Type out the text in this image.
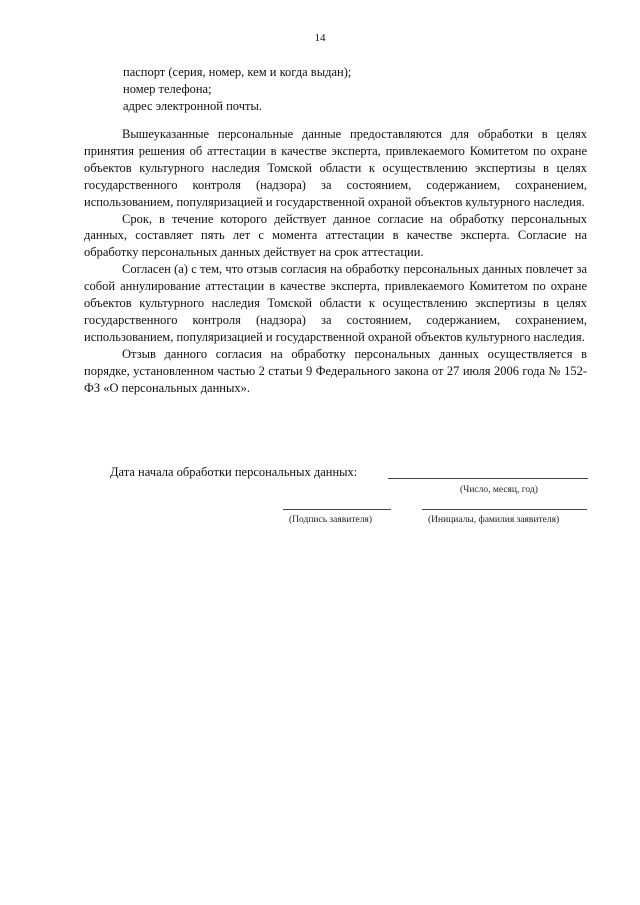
14
паспорт (серия, номер, кем и когда выдан);
номер телефона;
адрес электронной почты.

Вышеуказанные персональные данные предоставляются для обработки в целях принятия решения об аттестации в качестве эксперта, привлекаемого Комитетом по охране объектов культурного наследия Томской области к осуществлению экспертизы в целях государственного контроля (надзора) за состоянием, содержанием, сохранением, использованием, популяризацией и государственной охраной объектов культурного наследия.

Срок, в течение которого действует данное согласие на обработку персональных данных, составляет пять лет с момента аттестации в качестве эксперта. Согласие на обработку персональных данных действует на срок аттестации.

Согласен (а) с тем, что отзыв согласия на обработку персональных данных повлечет за собой аннулирование аттестации в качестве эксперта, привлекаемого Комитетом по охране объектов культурного наследия Томской области к осуществлению экспертизы в целях государственного контроля (надзора) за состоянием, содержанием, сохранением, использованием, популяризацией и государственной охраной объектов культурного наследия.

Отзыв данного согласия на обработку персональных данных осуществляется в порядке, установленном частью 2 статьи 9 Федерального закона от 27 июля 2006 года № 152-ФЗ «О персональных данных».

Дата начала обработки персональных данных:
(Число, месяц, год)
(Подпись заявителя)	(Инициалы, фамилия заявителя)
